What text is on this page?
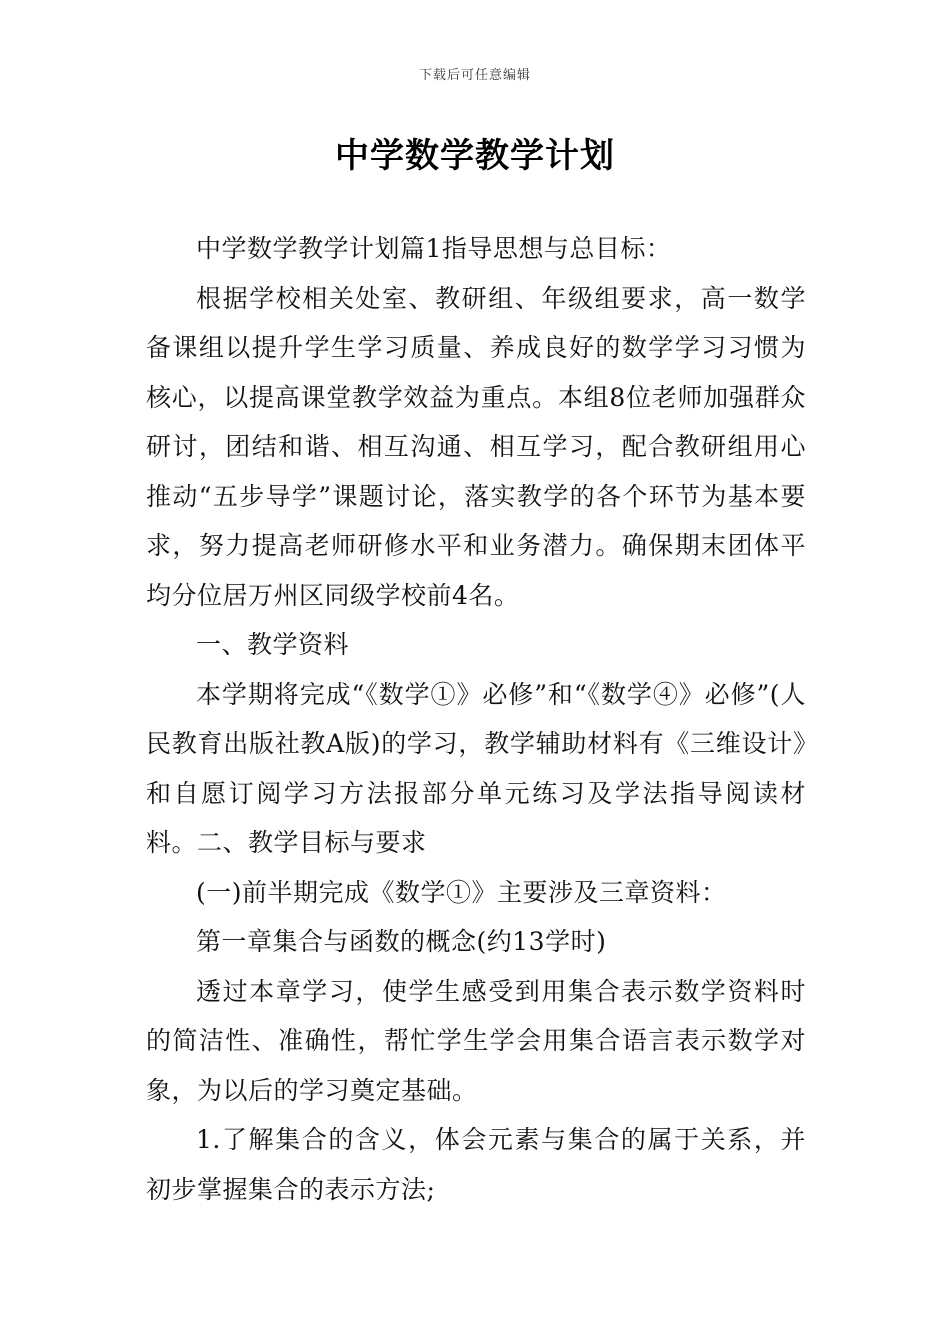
下载后可任意编辑
中学数学教学计划

中学数学教学计划篇1指导思想与总目标：

根据学校相关处室、教研组、年级组要求，高一数学备课组以提升学生学习质量、养成良好的数学学习习惯为核心，以提高课堂教学效益为重点。本组8位老师加强群众研讨，团结和谐、相互沟通、相互学习，配合教研组用心推动“五步导学”课题讨论，落实教学的各个环节为基本要求，努力提高老师研修水平和业务潜力。确保期末团体平均分位居万州区同级学校前4名。

一、教学资料

本学期将完成“《数学①》必修”和“《数学④》必修”(人民教育出版社教A版)的学习，教学辅助材料有《三维设计》和自愿订阅学习方法报部分单元练习及学法指导阅读材料。二、教学目标与要求

(一)前半期完成《数学①》主要涉及三章资料：

第一章集合与函数的概念(约13学时)

透过本章学习，使学生感受到用集合表示数学资料时的简洁性、准确性，帮忙学生学会用集合语言表示数学对象，为以后的学习奠定基础。

1.了解集合的含义，体会元素与集合的属于关系，并初步掌握集合的表示方法;
